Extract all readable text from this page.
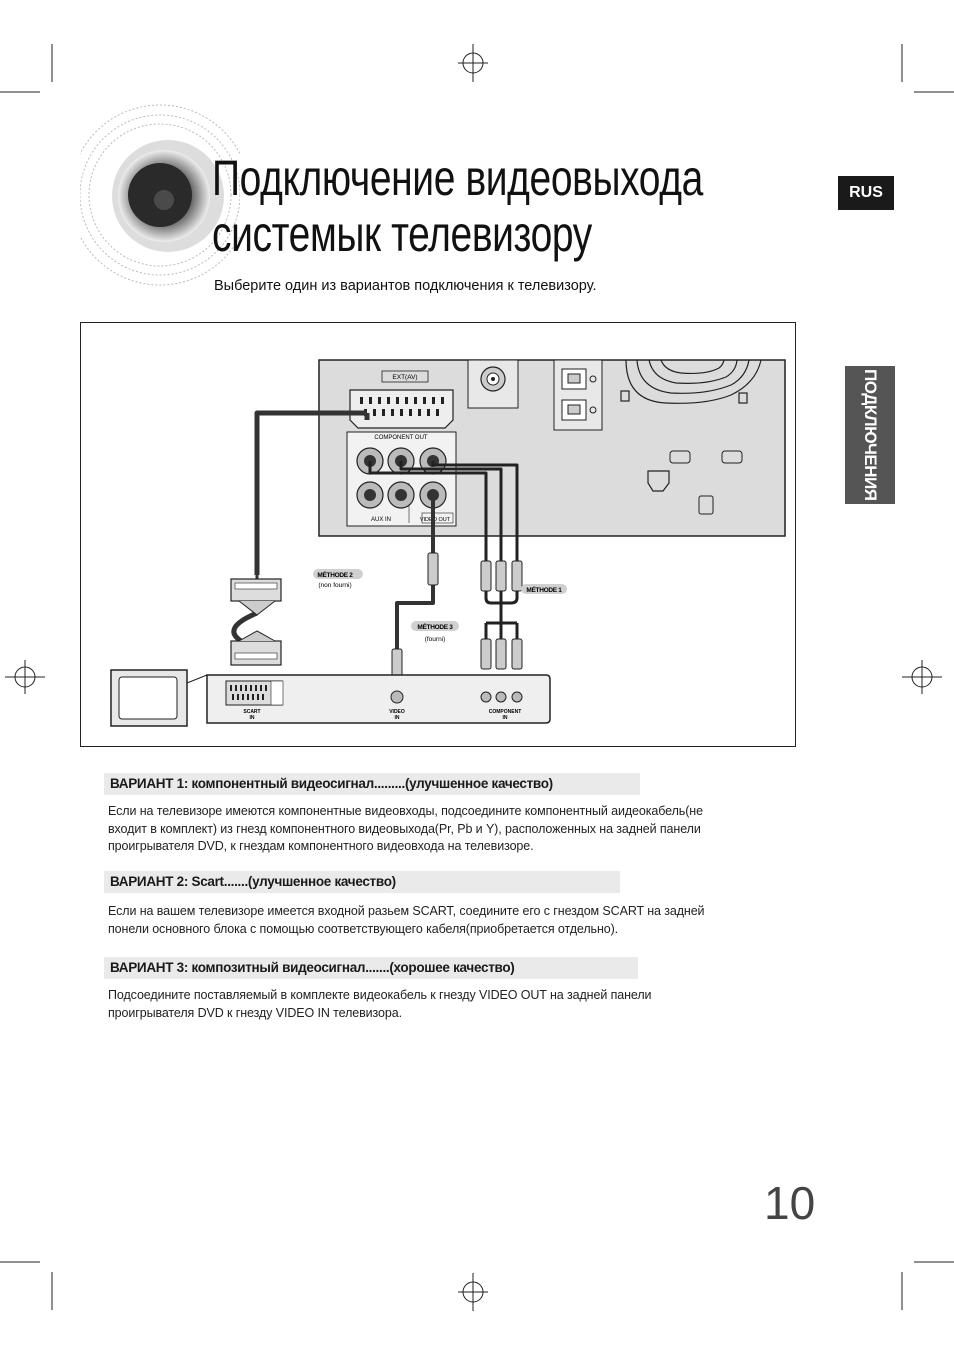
Подключение видеовыхода
системык телевизору
Выберите один из вариантов подключения к телевизору.
RUS
ПОДКЛЮЧЕНИЯ
EXT(AV)
COMPONENT OUT
AUX IN	VIDEO OUT
MÉTHODE 2
(non fourni)
MÉTHODE 3
(fourni)
MÉTHODE 1
SCART
IN
VIDEO
IN
COMPONENT
IN
ВАРИАНТ 1: компонентный видеосигнал.........(улучшенное качество)
Если на телевизоре имеются компонентные видеовходы, подсоедините компонентный аидеокабель(не
входит в комплект) из гнезд компонентного видеовыхода(Pr, Pb и Y), расположенных на задней панели
проигрывателя DVD, к гнездам компонентного видеовхода на телевизоре.
ВАРИАНТ 2: Scart.......(улучшенное качество)
Если на вашем телевизоре имеется входной разьем SCART, соедините его с гнездом SCART на задней
понели основного блока с помощью соответствующего кабеля(приобретается отдельно).
ВАРИАНТ 3: композитный видеосигнал.......(хорошее качество)
Подсоедините поставляемый в комплекте видеокабель к гнезду VIDEO OUT на задней панели
проигрывателя DVD к гнезду VIDEO IN телевизора.
10
